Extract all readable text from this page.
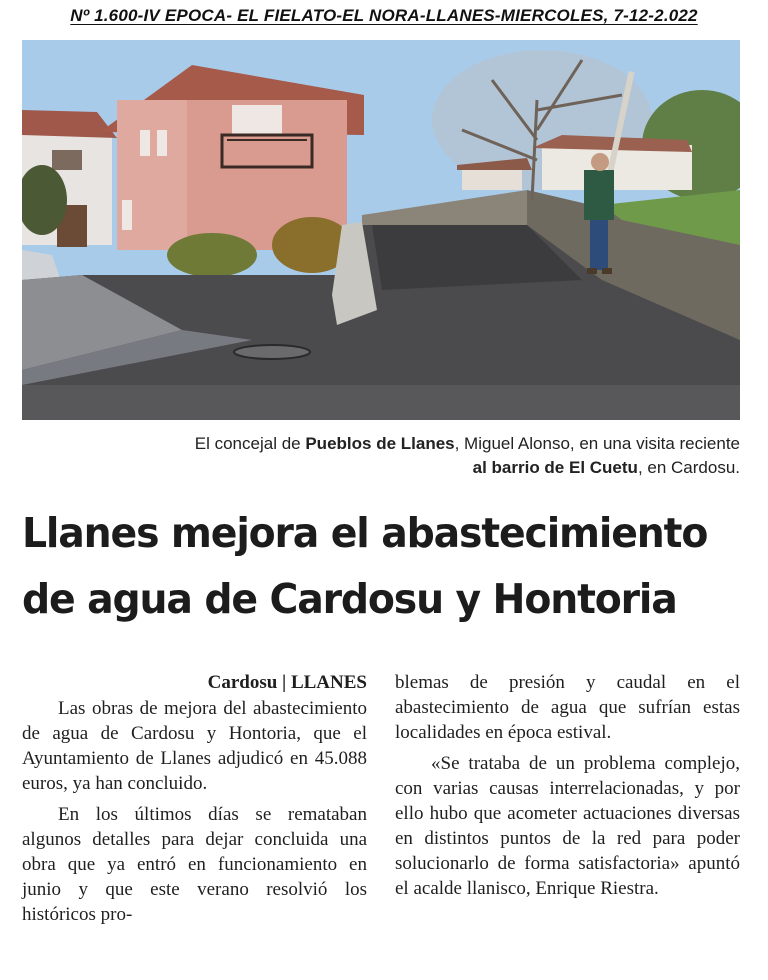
Nº 1.600-IV EPOCA- EL FIELATO-EL NORA-LLANES-MIERCOLES, 7-12-2.022
El concejal de Pueblos de Llanes, Miguel Alonso, en una visita reciente
al barrio de El Cuetu, en Cardosu.
Llanes mejora el abastecimiento
de agua de Cardosu y Hontoria
Cardosu | LLANES

Las obras de mejora del abastecimiento de agua de Cardosu y Hontoria, que el Ayuntamiento de Llanes adjudicó en 45.088 euros, ya han concluido.

En los últimos días se remataban algunos detalles para dejar concluida una obra que ya entró en funcionamiento en junio y que este verano resolvió los históricos pro-

blemas de presión y caudal en el abastecimiento de agua que sufrían estas localidades en época estival.

«Se trataba de un problema complejo, con varias causas interrelacionadas, y por ello hubo que acometer actuaciones diversas en distintos puntos de la red para poder solucionarlo de forma satisfactoria» apuntó el acalde llanisco, Enrique Riestra.
